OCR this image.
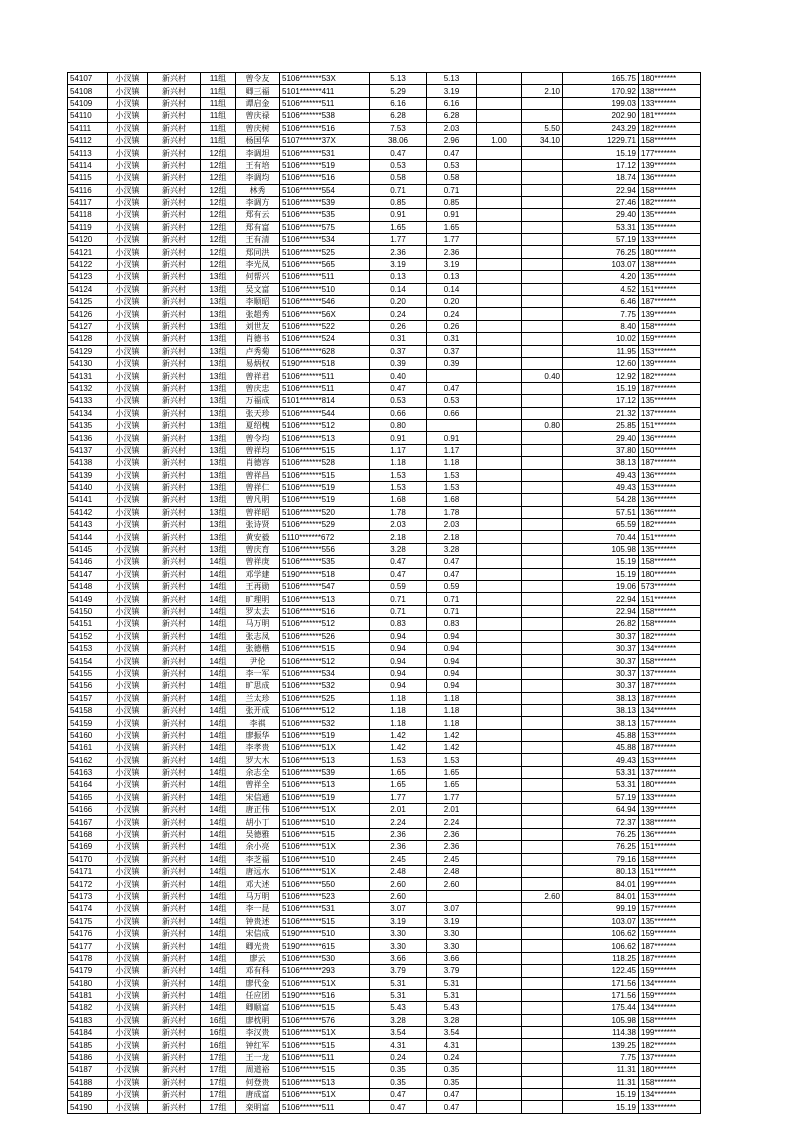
54107	小汊镇	新兴村	11组	曾令友	5106*******53X	5.13	5.13			165.75	180*******
54108	小汊镇	新兴村	11组	卿三福	5101*******411	5.29	3.19		2.10	170.92	138*******
54109	小汊镇	新兴村	11组	谭启金	5106*******511	6.16	6.16			199.03	133*******
54110	小汊镇	新兴村	11组	曾庆禄	5106*******538	6.28	6.28			202.90	181*******
54111	小汊镇	新兴村	11组	曾庆树	5106*******516	7.53	2.03		5.50	243.29	182*******
54112	小汊镇	新兴村	11组	杨国华	5107*******37X	38.06	2.96	1.00	34.10	1229.71	158*******
54113	小汊镇	新兴村	12组	李调坦	5106*******531	0.47	0.47			15.19	177*******
54114	小汊镇	新兴村	12组	王有培	5106*******519	0.53	0.53			17.12	139*******
54115	小汊镇	新兴村	12组	李调均	5106*******516	0.58	0.58			18.74	136*******
54116	小汊镇	新兴村	12组	林秀	5106*******554	0.71	0.71			22.94	158*******
54117	小汊镇	新兴村	12组	李调方	5106*******539	0.85	0.85			27.46	182*******
54118	小汊镇	新兴村	12组	郑有云	5106*******535	0.91	0.91			29.40	135*******
54119	小汊镇	新兴村	12组	郑有富	5106*******575	1.65	1.65			53.31	135*******
54120	小汊镇	新兴村	12组	王有清	5106*******534	1.77	1.77			57.19	133*******
54121	小汊镇	新兴村	12组	郑同洪	5106*******525	2.36	2.36			76.25	180*******
54122	小汊镇	新兴村	12组	李光凤	5106*******565	3.19	3.19			103.07	138*******
54123	小汊镇	新兴村	13组	何帮兴	5106*******511	0.13	0.13			4.20	135*******
54124	小汊镇	新兴村	13组	吴文富	5106*******510	0.14	0.14			4.52	151*******
54125	小汊镇	新兴村	13组	李顺昭	5106*******546	0.20	0.20			6.46	187*******
54126	小汊镇	新兴村	13组	张超秀	5106*******56X	0.24	0.24			7.75	139*******
54127	小汊镇	新兴村	13组	刘世友	5106*******522	0.26	0.26			8.40	158*******
54128	小汊镇	新兴村	13组	肖德书	5106*******524	0.31	0.31			10.02	159*******
54129	小汊镇	新兴村	13组	卢秀菊	5106*******628	0.37	0.37			11.95	153*******
54130	小汊镇	新兴村	13组	易炳权	5190*******518	0.39	0.39			12.60	139*******
54131	小汊镇	新兴村	13组	曾祥君	5106*******511	0.40			0.40	12.92	182*******
54132	小汊镇	新兴村	13组	曾庆忠	5106*******511	0.47	0.47			15.19	187*******
54133	小汊镇	新兴村	13组	万福成	5101*******814	0.53	0.53			17.12	135*******
54134	小汊镇	新兴村	13组	张天珍	5106*******544	0.66	0.66			21.32	137*******
54135	小汊镇	新兴村	13组	夏绍槐	5106*******512	0.80			0.80	25.85	151*******
54136	小汊镇	新兴村	13组	曾令均	5106*******513	0.91	0.91			29.40	136*******
54137	小汊镇	新兴村	13组	曾祥均	5106*******515	1.17	1.17			37.80	150*******
54138	小汊镇	新兴村	13组	肖德容	5106*******528	1.18	1.18			38.13	187*******
54139	小汊镇	新兴村	13组	曾祥昌	5106*******515	1.53	1.53			49.43	136*******
54140	小汊镇	新兴村	13组	曾祥仁	5106*******519	1.53	1.53			49.43	153*******
54141	小汊镇	新兴村	13组	曾凡明	5106*******519	1.68	1.68			54.28	136*******
54142	小汊镇	新兴村	13组	曾祥昭	5106*******520	1.78	1.78			57.51	136*******
54143	小汊镇	新兴村	13组	张诗贤	5106*******529	2.03	2.03			65.59	182*******
54144	小汊镇	新兴村	13组	黄安毅	5110*******672	2.18	2.18			70.44	151*******
54145	小汊镇	新兴村	13组	曾庆育	5106*******556	3.28	3.28			105.98	135*******
54146	小汊镇	新兴村	14组	曾祥庚	5106*******535	0.47	0.47			15.19	158*******
54147	小汊镇	新兴村	14组	邓学建	5190*******518	0.47	0.47			15.19	180*******
54148	小汊镇	新兴村	14组	王再勋	5106*******547	0.59	0.59			19.06	573*******
54149	小汊镇	新兴村	14组	旷理明	5106*******513	0.71	0.71			22.94	151*******
54150	小汊镇	新兴村	14组	罗太去	5106*******516	0.71	0.71			22.94	158*******
54151	小汊镇	新兴村	14组	马万明	5106*******512	0.83	0.83			26.82	158*******
54152	小汊镇	新兴村	14组	张志凤	5106*******526	0.94	0.94			30.37	182*******
54153	小汊镇	新兴村	14组	张德楷	5106*******515	0.94	0.94			30.37	134*******
54154	小汊镇	新兴村	14组	尹伦	5106*******512	0.94	0.94			30.37	158*******
54155	小汊镇	新兴村	14组	李一军	5106*******534	0.94	0.94			30.37	137*******
54156	小汊镇	新兴村	14组	旷思成	5106*******532	0.94	0.94			30.37	187*******
54157	小汊镇	新兴村	14组	兰太珍	5106*******525	1.18	1.18			38.13	187*******
54158	小汊镇	新兴村	14组	张开成	5106*******512	1.18	1.18			38.13	134*******
54159	小汊镇	新兴村	14组	李祺	5106*******532	1.18	1.18			38.13	157*******
54160	小汊镇	新兴村	14组	廖振华	5106*******519	1.42	1.42			45.88	153*******
54161	小汊镇	新兴村	14组	李孝贵	5106*******51X	1.42	1.42			45.88	187*******
54162	小汊镇	新兴村	14组	罗大木	5106*******513	1.53	1.53			49.43	153*******
54163	小汊镇	新兴村	14组	余志全	5106*******539	1.65	1.65			53.31	137*******
54164	小汊镇	新兴村	14组	曾祥全	5106*******513	1.65	1.65			53.31	180*******
54165	小汊镇	新兴村	14组	宋信通	5106*******519	1.77	1.77			57.19	133*******
54166	小汊镇	新兴村	14组	唐正伟	5106*******51X	2.01	2.01			64.94	139*******
54167	小汊镇	新兴村	14组	胡小丁	5106*******510	2.24	2.24			72.37	138*******
54168	小汊镇	新兴村	14组	吴德雅	5106*******515	2.36	2.36			76.25	136*******
54169	小汊镇	新兴村	14组	余小亮	5106*******51X	2.36	2.36			76.25	151*******
54170	小汊镇	新兴村	14组	李芝福	5106*******510	2.45	2.45			79.16	158*******
54171	小汊镇	新兴村	14组	唐远水	5106*******51X	2.48	2.48			80.13	151*******
54172	小汊镇	新兴村	14组	邓大述	5106*******550	2.60	2.60			84.01	199*******
54173	小汊镇	新兴村	14组	马万明	5106*******523	2.60			2.60	84.01	153*******
54174	小汊镇	新兴村	14组	李一昆	5106*******531	3.07	3.07			99.19	157*******
54175	小汊镇	新兴村	14组	钟贵述	5106*******515	3.19	3.19			103.07	135*******
54176	小汊镇	新兴村	14组	宋信成	5190*******510	3.30	3.30			106.62	159*******
54177	小汊镇	新兴村	14组	卿光贵	5190*******615	3.30	3.30			106.62	187*******
54178	小汊镇	新兴村	14组	廖云	5106*******530	3.66	3.66			118.25	187*******
54179	小汊镇	新兴村	14组	邓有科	5106*******293	3.79	3.79			122.45	159*******
54180	小汊镇	新兴村	14组	廖代金	5106*******51X	5.31	5.31			171.56	134*******
54181	小汊镇	新兴村	14组	任应团	5190*******516	5.31	5.31			171.56	159*******
54182	小汊镇	新兴村	14组	卿顺富	5106*******515	5.43	5.43			175.44	134*******
54183	小汊镇	新兴村	16组	廖枕明	5106*******576	3.28	3.28			105.98	158*******
54184	小汊镇	新兴村	16组	李汉贵	5106*******51X	3.54	3.54			114.38	199*******
54185	小汊镇	新兴村	16组	钟红军	5106*******515	4.31	4.31			139.25	182*******
54186	小汊镇	新兴村	17组	王一龙	5106*******511	0.24	0.24			7.75	137*******
54187	小汊镇	新兴村	17组	周道裕	5106*******515	0.35	0.35			11.31	180*******
54188	小汊镇	新兴村	17组	何登贵	5106*******513	0.35	0.35			11.31	158*******
54189	小汊镇	新兴村	17组	唐成富	5106*******51X	0.47	0.47			15.19	134*******
54190	小汊镇	新兴村	17组	栾明富	5106*******511	0.47	0.47			15.19	133*******
